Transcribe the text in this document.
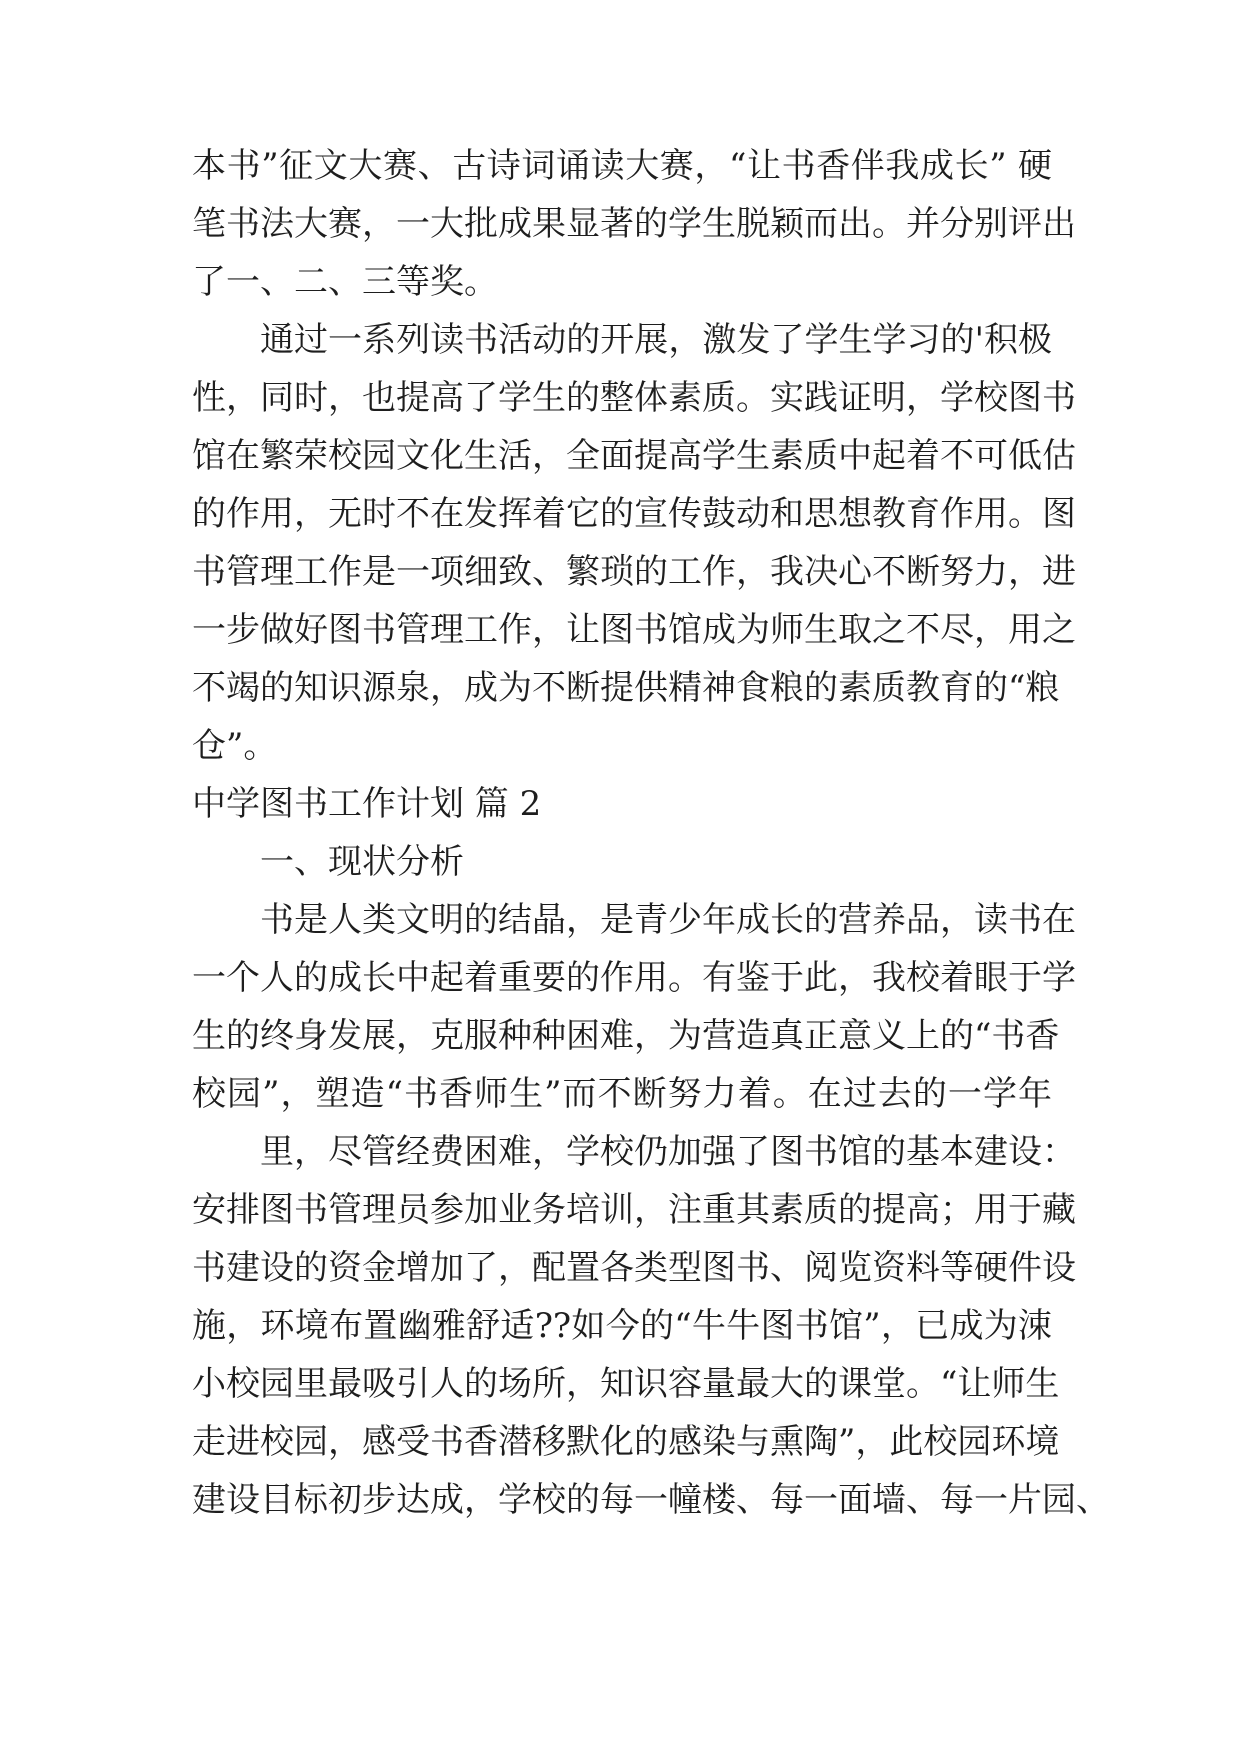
本书”征文大赛、古诗词诵读大赛，“让书香伴我成长” 硬

笔书法大赛，一大批成果显著的学生脱颖而出。并分别评出

了一、二、三等奖。

通过一系列读书活动的开展，激发了学生学习的'积极

性，同时，也提高了学生的整体素质。实践证明，学校图书

馆在繁荣校园文化生活，全面提高学生素质中起着不可低估

的作用，无时不在发挥着它的宣传鼓动和思想教育作用。图

书管理工作是一项细致、繁琐的工作，我决心不断努力，进

一步做好图书管理工作，让图书馆成为师生取之不尽，用之

不竭的知识源泉，成为不断提供精神食粮的素质教育的“粮

仓”。

中学图书工作计划 篇 2

一、现状分析

书是人类文明的结晶，是青少年成长的营养品，读书在

一个人的成长中起着重要的作用。有鉴于此，我校着眼于学

生的终身发展，克服种种困难，为营造真正意义上的“书香

校园”，塑造“书香师生”而不断努力着。在过去的一学年

里，尽管经费困难，学校仍加强了图书馆的基本建设：

安排图书管理员参加业务培训，注重其素质的提高；用于藏

书建设的资金增加了，配置各类型图书、阅览资料等硬件设

施，环境布置幽雅舒适??如今的“牛牛图书馆”，已成为涑

小校园里最吸引人的场所，知识容量最大的课堂。“让师生

走进校园，感受书香潜移默化的感染与熏陶”，此校园环境

建设目标初步达成，学校的每一幢楼、每一面墙、每一片园、
